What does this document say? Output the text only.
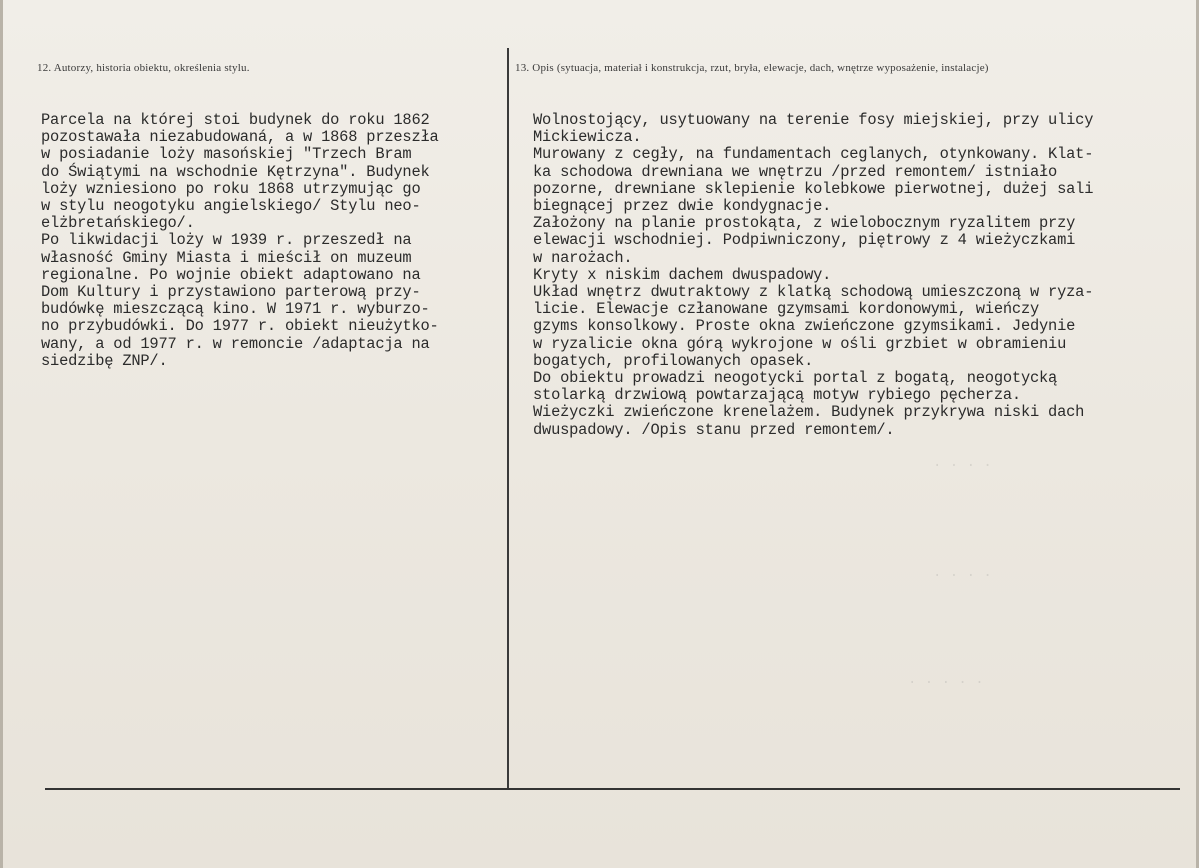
. . . .
. . . .
. . . . .
12. Autorzy, historia obiektu, określenia stylu.	13. Opis (sytuacja, materiał i konstrukcja, rzut, bryła, elewacje, dach, wnętrze wyposażenie, instalacje)
Parcela na której stoi budynek do roku 1862
pozostawała niezabudowaná, a w 1868 przeszła
w posiadanie loży masońskiej "Trzech Bram
do Świątymi na wschodnie Kętrzyna". Budynek
loży wzniesiono po roku 1868 utrzymując go
w stylu neogotyku angielskiego/ Stylu neo-
elżbretańskiego/.
Po likwidacji loży w 1939 r. przeszedł na
własność Gminy Miasta i mieścił on muzeum
regionalne. Po wojnie obiekt adaptowano na
Dom Kultury i przystawiono parterową przy-
budówkę mieszczącą kino. W 1971 r. wyburzo-
no przybudówki. Do 1977 r. obiekt nieużytko-
wany, a od 1977 r. w remoncie /adaptacja na
siedzibę ZNP/.
Wolnostojący, usytuowany na terenie fosy miejskiej, przy ulicy
Mickiewicza.
Murowany z cegły, na fundamentach ceglanych, otynkowany. Klat-
ka schodowa drewniana we wnętrzu /przed remontem/ istniało
pozorne, drewniane sklepienie kolebkowe pierwotnej, dużej sali
biegnącej przez dwie kondygnacje.
Założony na planie prostokąta, z wielobocznym ryzalitem przy
elewacji wschodniej. Podpiwniczony, piętrowy z 4 wieżyczkami
w narożach.
Kryty x niskim dachem dwuspadowy.
Układ wnętrz dwutraktowy z klatką schodową umieszczoną w ryza-
licie. Elewacje człanowane gzymsami kordonowymi, wieńczy
gzyms konsolkowy. Proste okna zwieńczone gzymsikami. Jedynie
w ryzalicie okna górą wykrojone w ośli grzbiet w obramieniu
bogatych, profilowanych opasek.
Do obiektu prowadzi neogotycki portal z bogatą, neogotycką
stolarką drzwiową powtarzającą motyw rybiego pęcherza.
Wieżyczki zwieńczone krenelażem. Budynek przykrywa niski dach
dwuspadowy. /Opis stanu przed remontem/.
